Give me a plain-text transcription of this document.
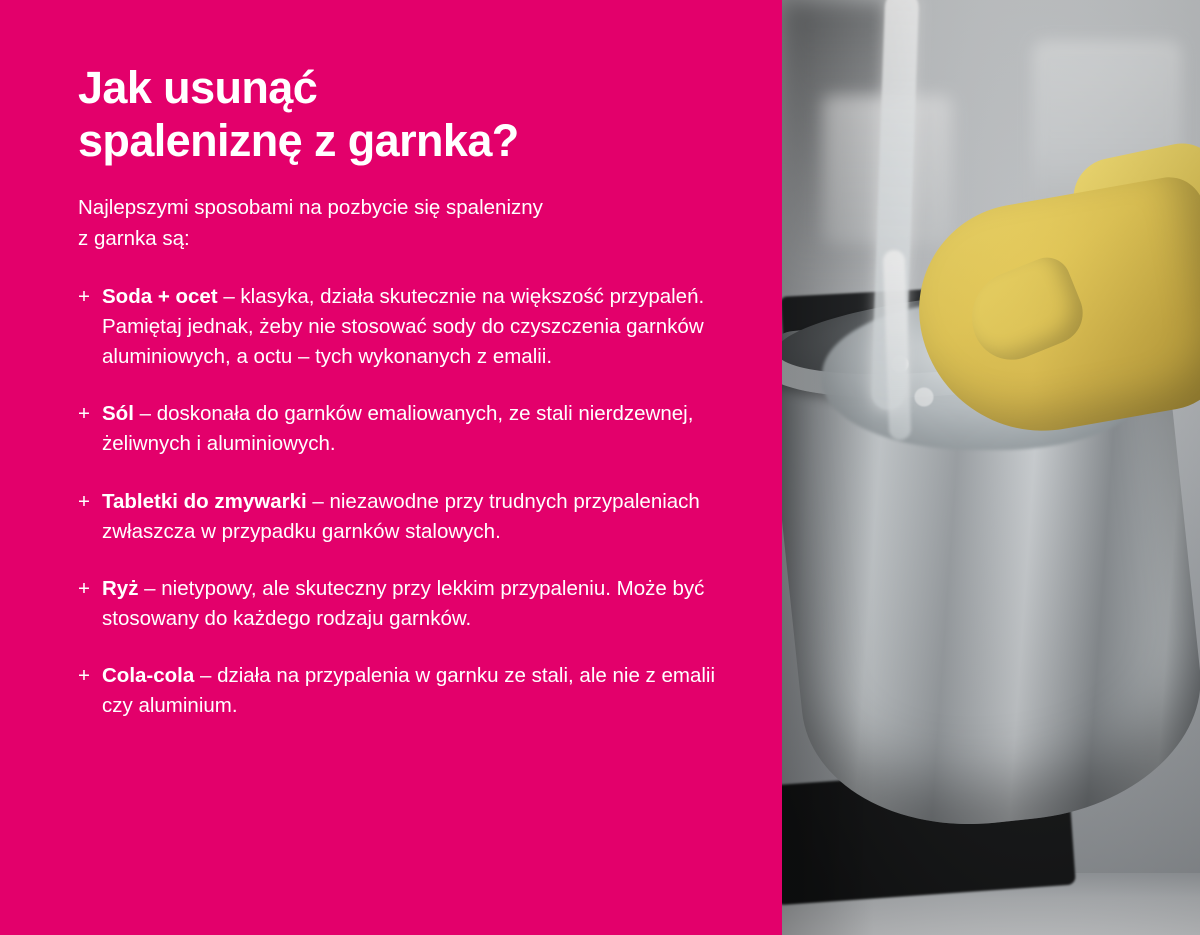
Jak usunąć
spaleniznę z garnka?

Najlepszymi sposobami na pozbycie się spalenizny
z garnka są:

+ Soda + ocet – klasyka, działa skutecznie na większość przypaleń. Pamiętaj jednak, żeby nie stosować sody do czyszczenia garnków aluminiowych, a octu – tych wykonanych z emalii.
+ Sól – doskonała do garnków emaliowanych, ze stali nierdzewnej, żeliwnych i aluminiowych.
+ Tabletki do zmywarki – niezawodne przy trudnych przypaleniach zwłaszcza w przypadku garnków stalowych.
+ Ryż – nietypowy, ale skuteczny przy lekkim przypaleniu. Może być stosowany do każdego rodzaju garnków.
+ Cola-cola – działa na przypalenia w garnku ze stali, ale nie z emalii czy aluminium.
